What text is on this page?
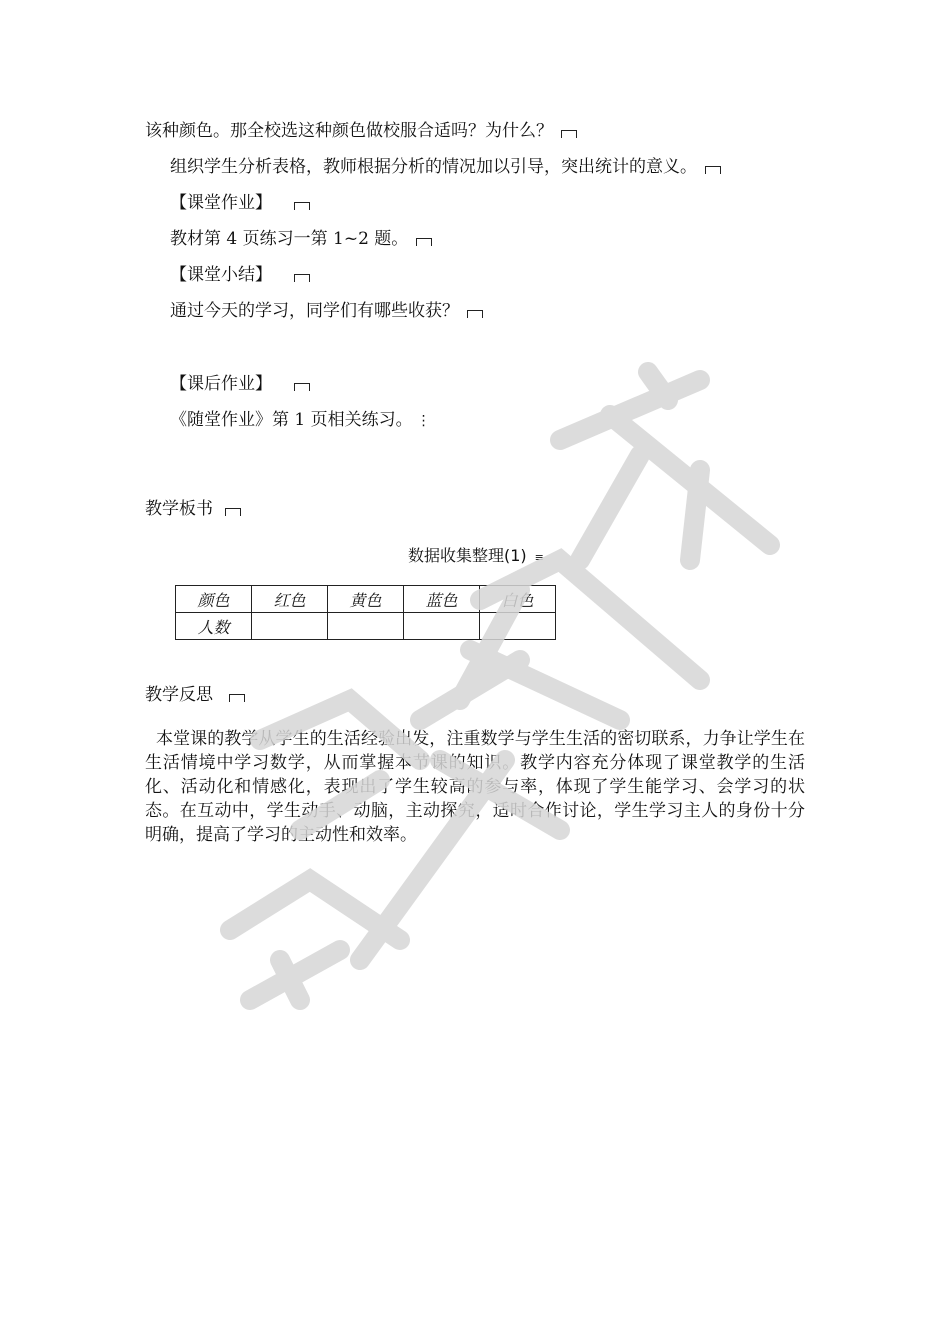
该种颜色。那全校选这种颜色做校服合适吗？为什么？
组织学生分析表格，教师根据分析的情况加以引导，突出统计的意义。
【课堂作业】
教材第 4 页练习一第 1~2 题。
【课堂小结】
通过今天的学习，同学们有哪些收获？
【课后作业】
《随堂作业》第 1 页相关练习。 ⋮
教学板书
数据收集整理(1) ≡
颜色	红色	黄色	蓝色	白色
人数				
教学反思
本堂课的教学从学生的生活经验出发，注重数学与学生生活的密切联系，力争让学生在生活情境中学习数学，从而掌握本节课的知识。教学内容充分体现了课堂教学的生活化、活动化和情感化，表现出了学生较高的参与率，体现了学生能学习、会学习的状态。在互动中，学生动手、动脑，主动探究，适时合作讨论，学生学习主人的身份十分明确，提高了学习的主动性和效率。
